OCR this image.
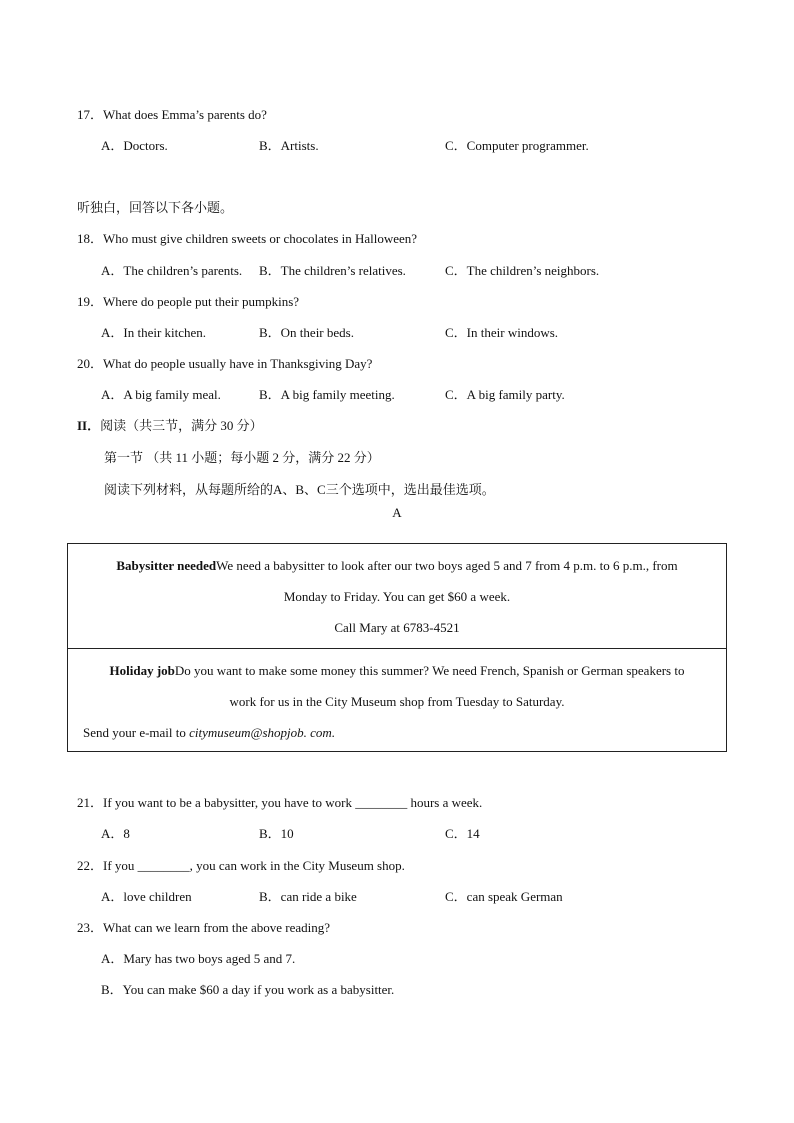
17．What does Emma’s parents do?
A．Doctors.	B．Artists.	C．Computer programmer.
听独白，回答以下各小题。
18．Who must give children sweets or chocolates in Halloween?
A．The children’s parents. B．The children’s relatives.	C．The children’s neighbors.
19．Where do people put their pumpkins?
A．In their kitchen.	B．On their beds.	C．In their windows.
20．What do people usually have in Thanksgiving Day?
A．A big family meal.	B．A big family meeting.	C．A big family party.
II．阅读（共三节，满分 30 分）
第一节 （共 11 小题；每小题 2 分，满分 22 分）
阅读下列材料，从每题所给的A、B、C三个选项中，选出最佳选项。
A
Babysitter neededWe need a babysitter to look after our two boys aged 5 and 7 from 4 p.m. to 6 p.m., from
Monday to Friday. You can get $60 a week.
Call Mary at 6783-4521
Holiday jobDo you want to make some money this summer? We need French, Spanish or German speakers to
work for us in the City Museum shop from Tuesday to Saturday.
Send your e-mail to citymuseum@shopjob. com.
21．If you want to be a babysitter, you have to work ________ hours a week.
A．8	B．10	C．14
22．If you ________, you can work in the City Museum shop.
A．love children	B．can ride a bike	C．can speak German
23．What can we learn from the above reading?
A．Mary has two boys aged 5 and 7.
B．You can make $60 a day if you work as a babysitter.
